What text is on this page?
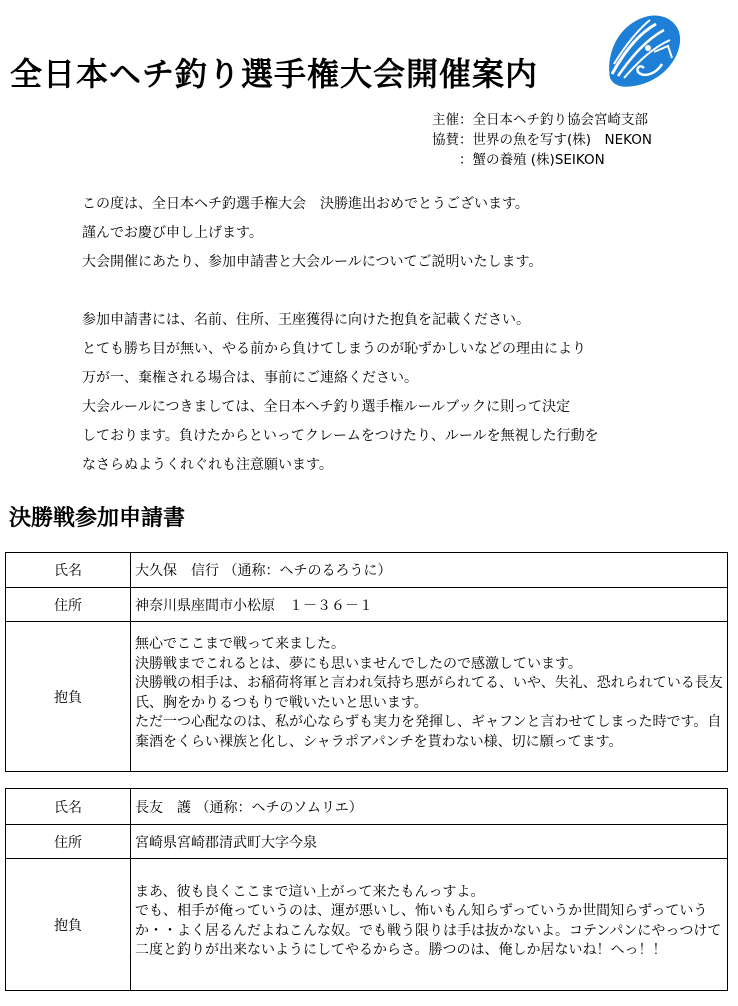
全日本ヘチ釣り選手権大会開催案内
主催：全日本ヘチ釣り協会宮崎支部
協賛：世界の魚を写す(株)　NEKON
　　：蟹の養殖 (株)SEIKON
この度は、全日本ヘチ釣選手権大会　決勝進出おめでとうございます。
謹んでお慶び申し上げます。
大会開催にあたり、参加申請書と大会ルールについてご説明いたします。
参加申請書には、名前、住所、王座獲得に向けた抱負を記載ください。
とても勝ち目が無い、やる前から負けてしまうのが恥ずかしいなどの理由により
万が一、棄権される場合は、事前にご連絡ください。
大会ルールにつきましては、全日本ヘチ釣り選手権ルールブックに則って決定
しております。負けたからといってクレームをつけたり、ルールを無視した行動を
なさらぬようくれぐれも注意願います。
決勝戦参加申請書
氏名	大久保　信行 （通称：ヘチのるろうに）
住所	神奈川県座間市小松原　１－３６－１
抱負	無心でここまで戦って来ました。
決勝戦までこれるとは、夢にも思いませんでしたので感激しています。
決勝戦の相手は、お稲荷将軍と言われ気持ち悪がられてる、いや、失礼、恐れられている長友氏、胸をかりるつもりで戦いたいと思います。
ただ一つ心配なのは、私が心ならずも実力を発揮し、ギャフンと言わせてしまった時です。自棄酒をくらい裸族と化し、シャラポアパンチを貰わない様、切に願ってます。
氏名	長友　護 （通称：ヘチのソムリエ）
住所	宮崎県宮崎郡清武町大字今泉
抱負	まあ、彼も良くここまで這い上がって来たもんっすよ。
でも、相手が俺っていうのは、運が悪いし、怖いもん知らずっていうか世間知らずっていうか・・よく居るんだよねこんな奴。でも戦う限りは手は抜かないよ。コテンパンにやっつけて二度と釣りが出来ないようにしてやるからさ。勝つのは、俺しか居ないね！へっ！！
